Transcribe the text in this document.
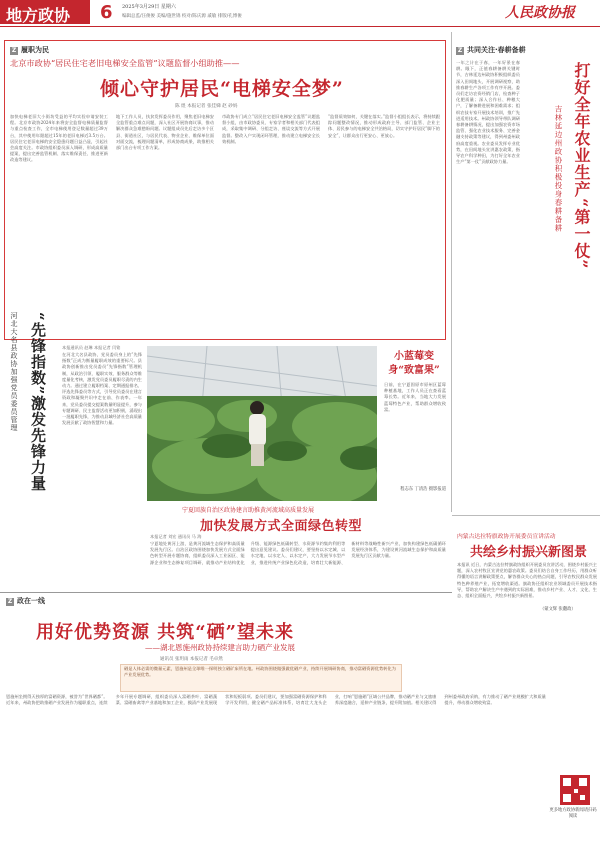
地方政协 6 2025年3月29日 星期六
编辑总监/汪俊俊 美编/施世锦 校对/陈庆源 戚敏 排版/孔博俊	人民政协报
Z 履职为民
北京市政协“居民住宅老旧电梯安全监管”议题监督小组助推——
倾心守护居民“电梯安全梦”
陈 煜 本报记者 张佳娣 赵 砂妈
加快电梯老旧大小街坊受益的平均实验申请安装工程。北京市政协2024年来将安全监督电梯质量监督与重点检查工作，全市电梯使用登记数量超过39万台，其中使用年限超过15年的老旧电梯近3.5万台。居民住宅老旧电梯的安全隐患问题日益凸显，引起社会高度关注。市政协组织委员深入调研，形成高质量提案，提出完善监管机制、落实维保责任、推进更新改造等建议。
地下工作人员，扶贫发挥委员作用，聚焦老旧电梯安全监管重点难点问题，深入社区开展协商议事，推动解决群众急难愁盼问题。议题组成员先后走访多个区县、街道社区，与居民代表、物业企业、维保单位面对面交流，梳理问题清单，形成协商成果，助推相关部门出台专项工作方案。
市政协专门成立“居民住宅老旧电梯安全监管”议题监督小组，由市政协委员、专家学者和相关部门代表组成，采取集中调研、分组走访、座谈交流等方式开展监督。整改入户实现闭环管理，推动建立电梯安全长效机制。
“监督质效如何，关键在落实。”监督小组组长表示，将持续跟踪问题整改情况，推动形成政府主导、部门监管、企业主体、居民参与的电梯安全共治格局，切实守护好居民“脚下的安全”，让群众出行更安心、更放心。
Z 共同关注·春耕备耕
一年之计在于春，一年好景在春耕。眼下，正值春耕备耕关键时节，吉林延边州政协积极组织委员深入田间地头，开展调研视察，助推春耕生产各项工作有序开展。委员们走访农资经销门店，检查种子化肥质量；深入合作社、种粮大户，了解备耕进展和困难需求；组织农技专家开展技术培训，推广先进适用技术。州政协领导带队调研春耕备耕情况，提出加强农资市场监管、强化农业技术服务、完善金融支持政策等建议，得到州委州政府高度重视。农业委员发挥专业优势，在田间地头宣讲惠农政策，指导农户科学种田，为打好全年农业生产“第一仗”贡献政协力量。	打好全年农业生产“第一仗”
吉林延边州政协积极投身春耕备耕
“先锋指数”激发先锋力量
河北大名县政协加强党员委员管理	本报通讯员 赵琳 本报记者 闫铭
在河北大名县政协，党员委员身上的“先锋指数”正成为衡量履职成效的重要标尺。县政协创新推出党员委员“先锋指数”管理机制，从政治引领、履职实效、服务群众等维度量化考核，激发党员委员履职尽责的内生动力。通过建立履职档案、定期通报排名、评选先锋委员等方式，引导党员委员在建言资政和凝聚共识中走在前、作表率。一年来，党员委员提交提案数量明显提升，参与专题调研、民主监督活动更加积极，涌现出一批履职先锋，为推动县域经济社会高质量发展贡献了政协智慧和力量。
小蓝莓变身“致富果”
日前，在宁夏固原市原州区蓝莓种植基地，工作人员正在查看蓝莓长势。近年来，当地大力发展蓝莓特色产业，帮助群众增收致富。
程志东 丁清浩 摄影报道
宁夏回族自治区政协建言助推黄河流域高质量发展
加快发展方式全面绿色转型
本报记者 刘宏 通讯员 马 海
宁夏地处黄河上游，是黄河流域生态保护和高质量发展先行区。自治区政协围绕加快发展方式全面绿色转型开展专题协商，组织委员深入工业园区、能源企业和生态修复项目调研，就推动产业结构优化升级、能源绿色低碳转型、水资源节约集约利用等提出意见建议。委员们建议，要坚持以水定城、以水定地、以水定人、以水定产，大力发展节水型产业，推进传统产业绿色化改造，培育壮大新能源、新材料等战略性新兴产业，加快构建绿色低碳循环发展经济体系，为建设黄河流域生态保护和高质量发展先行区贡献力量。
内蒙古达拉特旗政协开展委员宣讲活动
共绘乡村振兴新图景
本报讯 近日，内蒙古达拉特旗政协组织开展委员宣讲活动，围绕乡村振兴主题，深入农村牧区宣讲党的惠农政策。委员们结合自身工作经历，用群众听得懂的语言讲解政策要点，解答群众关心的热点问题，引导农牧民群众发展特色种养殖产业，拓宽增收渠道。旗政协还组织农业领域委员开展技术指导，帮助农户解决生产中遇到的实际困难，推动乡村产业、人才、文化、生态、组织全面振兴，共绘乡村振兴新图景。
（蒙文辉 张翻政）
Z 政在一线
用好优势资源 共筑“硒”望未来
——湖北恩施州政协持续建言助力硒产业发展
通讯员 张玥雨 本报记者 毛卓然
硒是人体必需的微量元素，恩施州是全球唯一探明独立硒矿床所在地。州政协围绕做强做优硒产业，持续开展调研协商，推动富硒资源优势转化为产业发展优势。
恩施州坐拥得天独厚的富硒资源，被誉为“世界硒都”。近年来，州政协把助推硒产业发展作为履职重点，连续多年开展专题调研，组织委员深入富硒茶叶、富硒蔬菜、富硒畜禽等产业基地和加工企业，摸清产业发展现状和短板弱项。委员们建议，要加强富硒资源保护和科学开发利用，健全硒产品标准体系，培育壮大龙头企业，打响“恩施硒”区域公共品牌，推动硒产业与文旅康养深度融合，延伸产业链条，提升附加值。相关建议得到州委州政府采纳，有力推动了硒产业规模扩大和质量提升，带动群众增收致富。
更多地方政协新闻请扫码阅读
